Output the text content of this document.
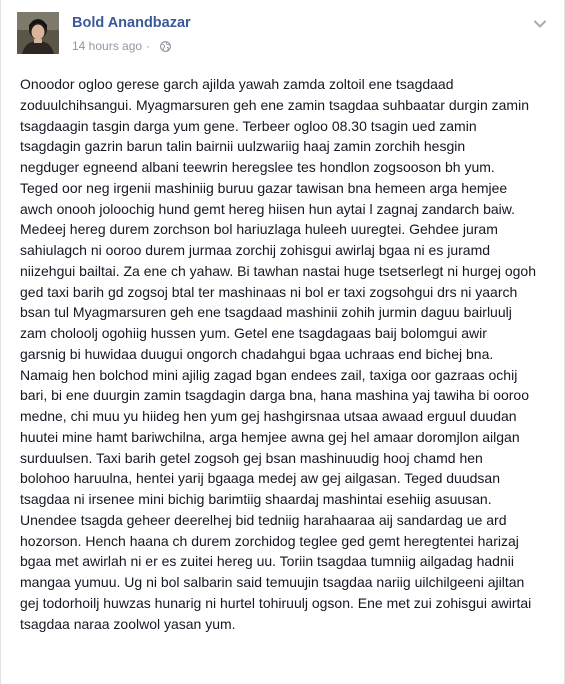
Bold Anandbazar
14 hours ago ·
Onoodor ogloo gerese garch ajilda yawah zamda zoltoil ene tsagdaad
zoduulchihsangui. Myagmarsuren geh ene zamin tsagdaa suhbaatar durgin zamin
tsagdaagin tasgin darga yum gene. Terbeer ogloo 08.30 tsagin ued zamin
tsagdagin gazrin barun talin bairnii uulzwariig haaj zamin zorchih hesgin
negduger egneend albani teewrin heregslee tes hondlon zogsooson bh yum.
Teged oor neg irgenii mashiniig buruu gazar tawisan bna hemeen arga hemjee
awch onooh joloochig hund gemt hereg hiisen hun aytai l zagnaj zandarch baiw.
Medeej hereg durem zorchson bol hariuzlaga huleeh uuregtei. Gehdee juram
sahiulagch ni ooroo durem jurmaa zorchij zohisgui awirlaj bgaa ni es juramd
niizehgui bailtai. Za ene ch yahaw. Bi tawhan nastai huge tsetserlegt ni hurgej ogoh
ged taxi barih gd zogsoj btal ter mashinaas ni bol er taxi zogsohgui drs ni yaarch
bsan tul Myagmarsuren geh ene tsagdaad mashinii zohih jurmin daguu bairluulj
zam choloolj ogohiig hussen yum. Getel ene tsagdagaas baij bolomgui awir
garsnig bi huwidaa duugui ongorch chadahgui bgaa uchraas end bichej bna.
Namaig hen bolchod mini ajilig zagad bgan endees zail, taxiga oor gazraas ochij
bari, bi ene duurgin zamin tsagdagin darga bna, hana mashina yaj tawiha bi ooroo
medne, chi muu yu hiideg hen yum gej hashgirsnaa utsaa awaad erguul duudan
huutei mine hamt bariwchilna, arga hemjee awna gej hel amaar doromjlon ailgan
surduulsen. Taxi barih getel zogsoh gej bsan mashinuudig hooj chamd hen
bolohoo haruulna, hentei yarij bgaaga medej aw gej ailgasan. Teged duudsan
tsagdaa ni irsenee mini bichig barimtiig shaardaj mashintai esehiig asuusan.
Unendee tsagda geheer deerelhej bid tedniig harahaaraa aij sandardag ue ard
hozorson. Hench haana ch durem zorchidog teglee ged gemt heregtentei harizaj
bgaa met awirlah ni er es zuitei hereg uu. Toriin tsagdaa tumniig ailgadag hadnii
mangaa yumuu. Ug ni bol salbarin said temuujin tsagdaa nariig uilchilgeeni ajiltan
gej todorhoilj huwzas hunarig ni hurtel tohiruulj ogson. Ene met zui zohisgui awirtai
tsagdaa naraa zoolwol yasan yum.
